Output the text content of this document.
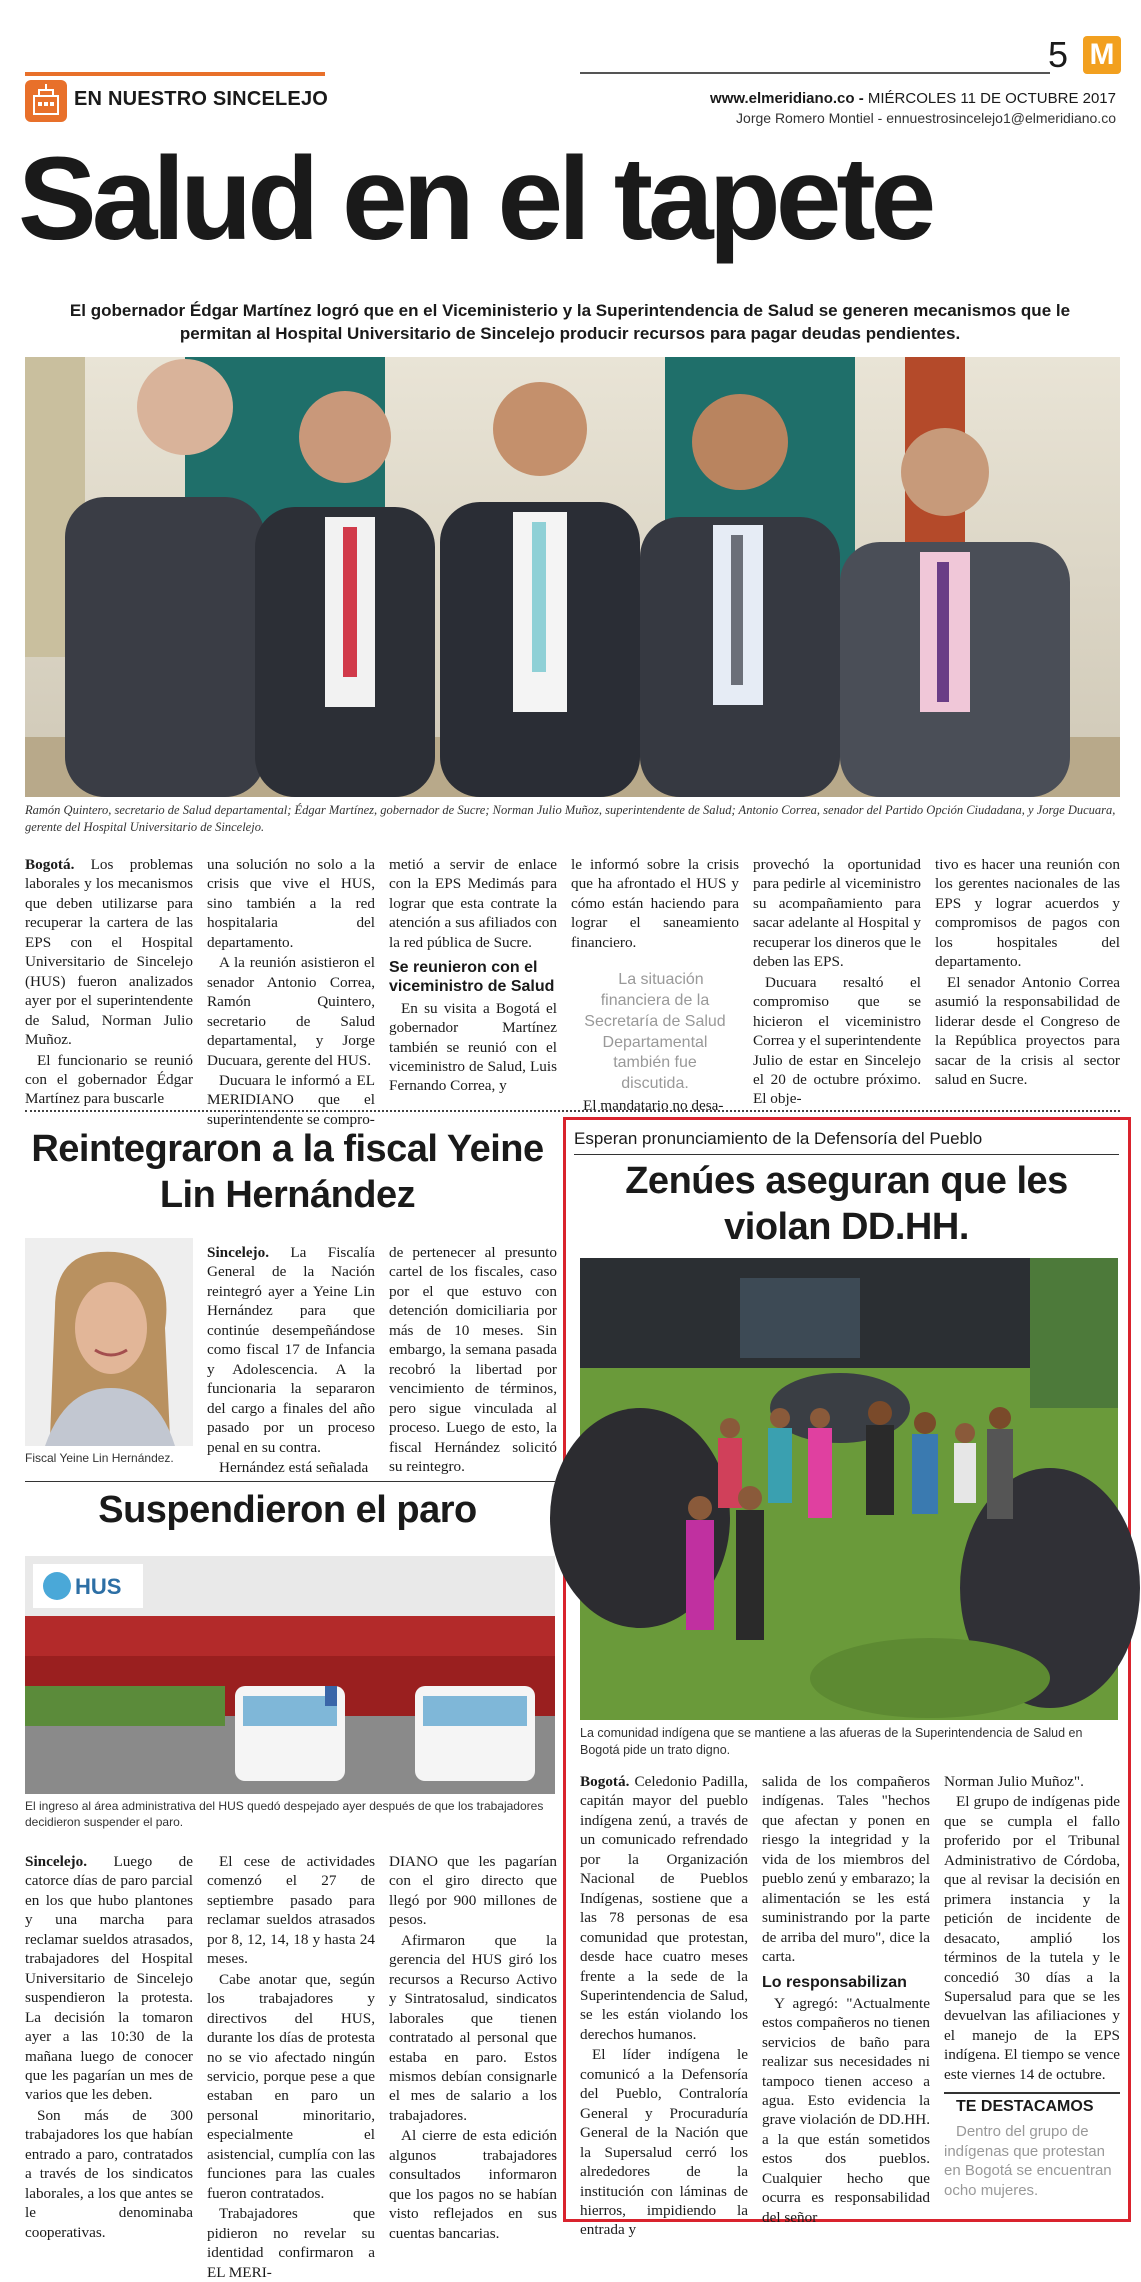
5 M
EN NUESTRO SINCELEJO	www.elmeridiano.co - MIÉRCOLES 11 DE OCTUBRE 2017
Jorge Romero Montiel - ennuestrosincelejo1@elmeridiano.co
Salud en el tapete
El gobernador Édgar Martínez logró que en el Viceministerio y la Superintendencia de Salud se generen mecanismos que le permitan al Hospital Universitario de Sincelejo producir recursos para pagar deudas pendientes.
Ramón Quintero, secretario de Salud departamental; Édgar Martínez, gobernador de Sucre; Norman Julio Muñoz, superintendente de Salud; Antonio Correa, senador del Partido Opción Ciudadana, y Jorge Ducuara, gerente del Hospital Universitario de Sincelejo.

Bogotá. Los problemas laborales y los mecanismos que deben utilizarse para recuperar la cartera de las EPS con el Hospital Universitario de Sincelejo (HUS) fueron analizados ayer por el superintendente de Salud, Norman Julio Muñoz.

El funcionario se reunió con el gobernador Édgar Martínez para buscarle

una solución no solo a la crisis que vive el HUS, sino también a la red hospitalaria del departamento.

A la reunión asistieron el senador Antonio Correa, Ramón Quintero, secretario de Salud departamental, y Jorge Ducuara, gerente del HUS.

Ducuara le informó a EL MERIDIANO que el superintendente se compro-

metió a servir de enlace con la EPS Medimás para lograr que esta contrate la atención a sus afiliados con la red pública de Sucre.

Se reunieron con el viceministro de Salud

En su visita a Bogotá el gobernador Martínez también se reunió con el viceministro de Salud, Luis Fernando Correa, y

le informó sobre la crisis que ha afrontado el HUS y cómo están haciendo para lograr el saneamiento financiero.

La situación financiera de la Secretaría de Salud Departamental también fue discutida.

El mandatario no desa-

provechó la oportunidad para pedirle al viceministro su acompañamiento para sacar adelante al Hospital y recuperar los dineros que le deben las EPS.

Ducuara resaltó el compromiso que se hicieron el viceministro Correa y el superintendente Julio de estar en Sincelejo el 20 de octubre próximo. El obje-

tivo es hacer una reunión con los gerentes nacionales de las EPS y lograr acuerdos y compromisos de pagos con los hospitales del departamento.

El senador Antonio Correa asumió la responsabilidad de liderar desde el Congreso de la República proyectos para sacar de la crisis al sector salud en Sucre.

Reintegraron a la fiscal Yeine Lin Hernández
Fiscal Yeine Lin Hernández.

Sincelejo. La Fiscalía General de la Nación reintegró ayer a Yeine Lin Hernández para que continúe desempeñándose como fiscal 17 de Infancia y Adolescencia. A la funcionaria la separaron del cargo a finales del año pasado por un proceso penal en su contra.

Hernández está señalada

de pertenecer al presunto cartel de los fiscales, caso por el que estuvo con detención domiciliaria por más de 10 meses. Sin embargo, la semana pasada recobró la libertad por vencimiento de términos, pero sigue vinculada al proceso. Luego de esto, la fiscal Hernández solicitó su reintegro.

Suspendieron el paro
HUS
El ingreso al área administrativa del HUS quedó despejado ayer después de que los trabajadores decidieron suspender el paro.

Sincelejo. Luego de catorce días de paro parcial en los que hubo plantones y una marcha para reclamar sueldos atrasados, trabajadores del Hospital Universitario de Sincelejo suspendieron la protesta. La decisión la tomaron ayer a las 10:30 de la mañana luego de conocer que les pagarían un mes de varios que les deben.

Son más de 300 trabajadores los que habían entrado a paro, contratados a través de los sindicatos laborales, a los que antes se le denominaba cooperativas.

El cese de actividades comenzó el 27 de septiembre pasado para reclamar sueldos atrasados por 8, 12, 14, 18 y hasta 24 meses.

Cabe anotar que, según los trabajadores y directivos del HUS, durante los días de protesta no se vio afectado ningún servicio, porque pese a que estaban en paro un personal minoritario, especialmente el asistencial, cumplía con las funciones para las cuales fueron contratados.

Trabajadores que pidieron no revelar su identidad confirmaron a EL MERI-

DIANO que les pagarían con el giro directo que llegó por 900 millones de pesos.

Afirmaron que la gerencia del HUS giró los recursos a Recurso Activo y Sintratosalud, sindicatos laborales que tienen contratado al personal que estaba en paro. Estos mismos debían consignarle el mes de salario a los trabajadores.

Al cierre de esta edición algunos trabajadores consultados informaron que los pagos no se habían visto reflejados en sus cuentas bancarias.

Esperan pronunciamiento de la Defensoría del Pueblo
Zenúes aseguran que les violan DD.HH.
La comunidad indígena que se mantiene a las afueras de la Superintendencia de Salud en Bogotá pide un trato digno.

Bogotá. Celedonio Padilla, capitán mayor del pueblo indígena zenú, a través de un comunicado refrendado por la Organización Nacional de Pueblos Indígenas, sostiene que a las 78 personas de esa comunidad que protestan, desde hace cuatro meses frente a la sede de la Superintendencia de Salud, se les están violando los derechos humanos.

El líder indígena le comunicó a la Defensoría del Pueblo, Contraloría General y Procuraduría General de la Nación que la Supersalud cerró los alrededores de la institución con láminas de hierros, impidiendo la entrada y

salida de los compañeros indígenas. Tales "hechos que afectan y ponen en riesgo la integridad y la vida de los miembros del pueblo zenú y embarazo; la alimentación se les está suministrando por la parte de arriba del muro", dice la carta.

Lo responsabilizan

Y agregó: "Actualmente estos compañeros no tienen servicios de baño para realizar sus necesidades ni tampoco tienen acceso a agua. Esto evidencia la grave violación de DD.HH. a la que están sometidos estos dos pueblos. Cualquier hecho que ocurra es responsabilidad del señor

Norman Julio Muñoz".

El grupo de indígenas pide que se cumpla el fallo proferido por el Tribunal Administrativo de Córdoba, que al revisar la decisión en primera instancia y la petición de incidente de desacato, amplió los términos de la tutela y le concedió 30 días a la Supersalud para que se les devuelvan las afiliaciones y el manejo de la EPS indígena. El tiempo se vence este viernes 14 de octubre.

TE DESTACAMOS

Dentro del grupo de indígenas que protestan en Bogotá se encuentran ocho mujeres.
